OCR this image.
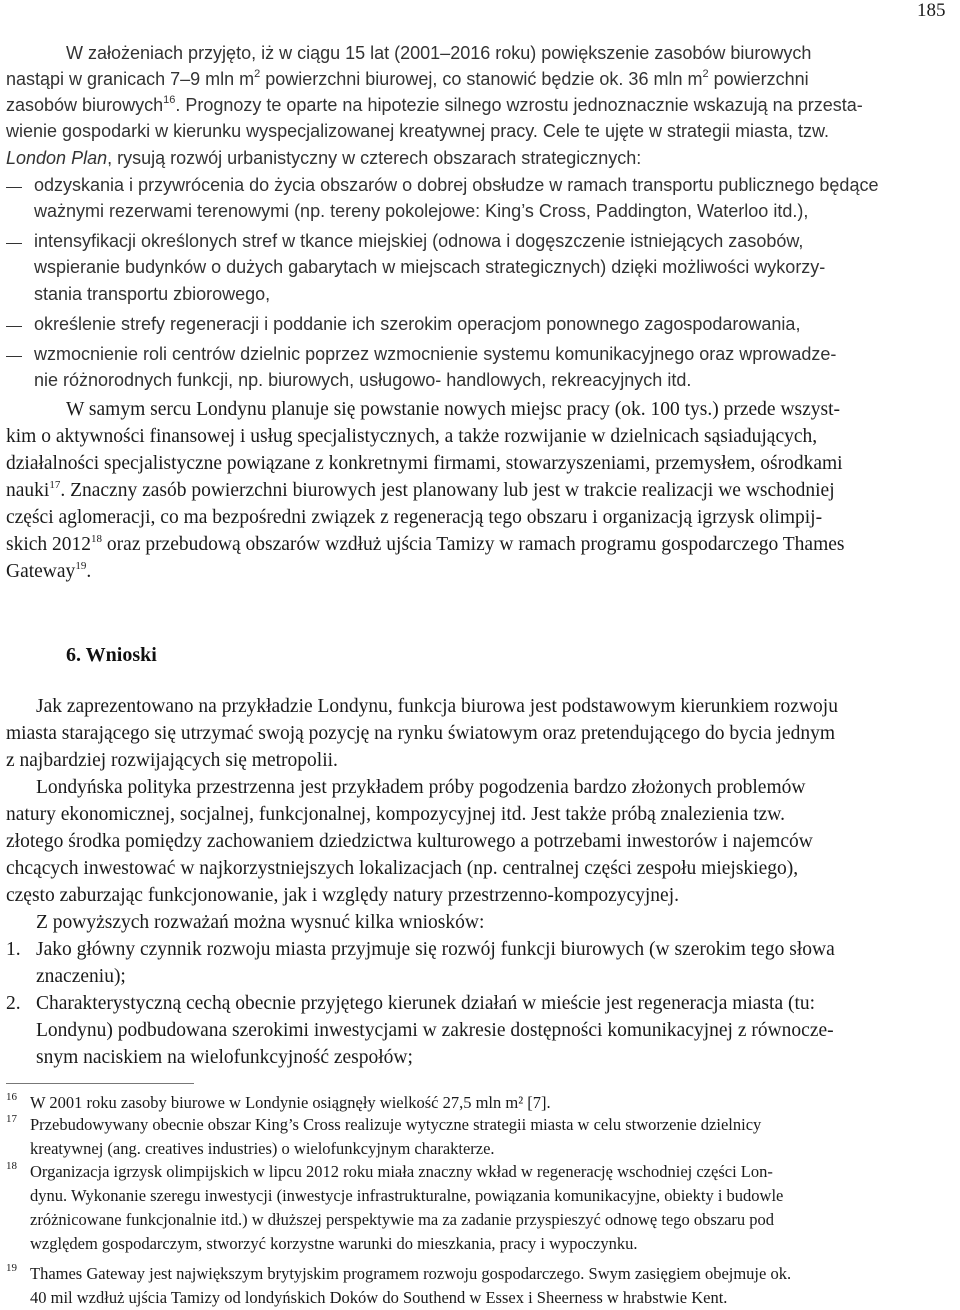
185
W założeniach przyjęto, iż w ciągu 15 lat (2001–2016 roku) powiększenie zasobów biurowych
nastąpi w granicach 7–9 mln $m^2$ powierzchni biurowej, co stanowić będzie ok. 36 mln $m^2$ powierzchni
zasobów biurowych$^{16}$. Prognozy te oparte na hipotezie silnego wzrostu jednoznacznie wskazują na przesta-
wienie gospodarki w kierunku wyspecjalizowanej kreatywnej pracy. Cele te ujęte w strategii miasta, tzw.
London Plan, rysują rozwój urbanistyczny w czterech obszarach strategicznych:
odzyskania i przywrócenia do życia obszarów o dobrej obsłudze w ramach transportu publicznego będące
ważnymi rezerwami terenowymi (np. tereny pokolejowe: King’s Cross, Paddington, Waterloo itd.),
intensyfikacji określonych stref w tkance miejskiej (odnowa i dogęszczenie istniejących zasobów,
wspieranie budynków o dużych gabarytach w miejscach strategicznych) dzięki możliwości wykorzy-
stania transportu zbiorowego,
określenie strefy regeneracji i poddanie ich szerokim operacjom ponownego zagospodarowania,
wzmocnienie roli centrów dzielnic poprzez wzmocnienie systemu komunikacyjnego oraz wprowadze-
nie różnorodnych funkcji, np. biurowych, usługowo- handlowych, rekreacyjnych itd.
W samym sercu Londynu planuje się powstanie nowych miejsc pracy (ok. 100 tys.) przede wszyst-
kim o aktywności finansowej i usług specjalistycznych, a także rozwijanie w dzielnicach sąsiadujących,
działalności specjalistyczne powiązane z konkretnymi firmami, stowarzyszeniami, przemysłem, ośrodkami
nauki$^{17}$. Znaczny zasób powierzchni biurowych jest planowany lub jest w trakcie realizacji we wschodniej
części aglomeracji, co ma bezpośredni związek z regeneracją tego obszaru i organizacją igrzysk olimpij-
skich 2012$^{18}$ oraz przebudową obszarów wzdłuż ujścia Tamizy w ramach programu gospodarczego Thames
Gateway$^{19}$.
6. Wnioski
Jak zaprezentowano na przykładzie Londynu, funkcja biurowa jest podstawowym kierunkiem rozwoju
miasta starającego się utrzymać swoją pozycję na rynku światowym oraz pretendującego do bycia jednym
z najbardziej rozwijających się metropolii.
Londyńska polityka przestrzenna jest przykładem próby pogodzenia bardzo złożonych problemów
natury ekonomicznej, socjalnej, funkcjonalnej, kompozycyjnej itd. Jest także próbą znalezienia tzw.
złotego środka pomiędzy zachowaniem dziedzictwa kulturowego a potrzebami inwestorów i najemców
chcących inwestować w najkorzystniejszych lokalizacjach (np. centralnej części zespołu miejskiego),
często zaburzając funkcjonowanie, jak i względy natury przestrzenno-kompozycyjnej.
Z powyższych rozważań można wysnuć kilka wniosków:
1. Jako główny czynnik rozwoju miasta przyjmuje się rozwój funkcji biurowych (w szerokim tego słowa
znaczeniu);
2. Charakterystyczną cechą obecnie przyjętego kierunek działań w mieście jest regeneracja miasta (tu:
Londynu) podbudowana szerokimi inwestycjami w zakresie dostępności komunikacyjnej z równocze-
snym naciskiem na wielofunkcyjność zespołów;
16 W 2001 roku zasoby biurowe w Londynie osiągnęły wielkość 27,5 mln m² [7].
17 Przebudowywany obecnie obszar King’s Cross realizuje wytyczne strategii miasta w celu stworzenie dzielnicy
kreatywnej (ang. creatives industries) o wielofunkcyjnym charakterze.
18 Organizacja igrzysk olimpijskich w lipcu 2012 roku miała znaczny wkład w regenerację wschodniej części Lon-
dynu. Wykonanie szeregu inwestycji (inwestycje infrastrukturalne, powiązania komunikacyjne, obiekty i budowle
zróżnicowane funkcjonalnie itd.) w dłuższej perspektywie ma za zadanie przyspieszyć odnowę tego obszaru pod
względem gospodarczym, stworzyć korzystne warunki do mieszkania, pracy i wypoczynku.
19 Thames Gateway jest największym brytyjskim programem rozwoju gospodarczego. Swym zasięgiem obejmuje ok.
40 mil wzdłuż ujścia Tamizy od londyńskich Doków do Southend w Essex i Sheerness w hrabstwie Kent.
